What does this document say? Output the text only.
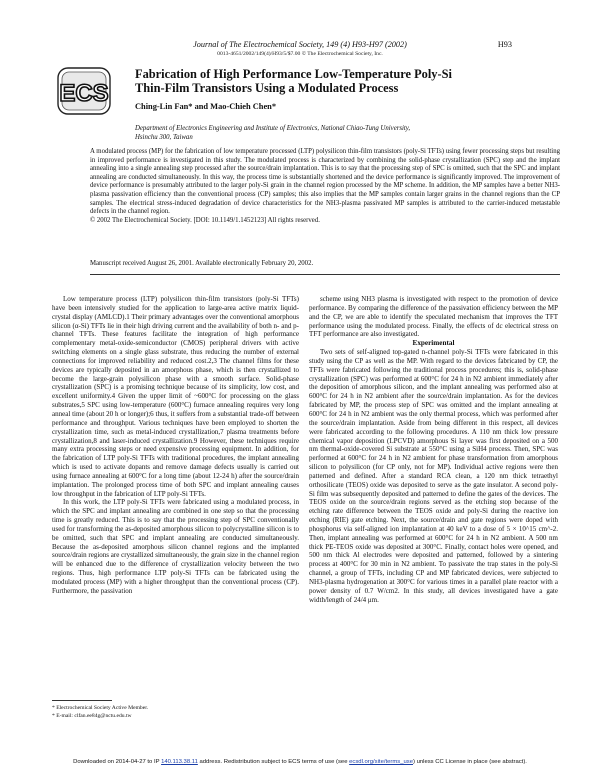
Journal of The Electrochemical Society, 149 (4) H93-H97 (2002)
0013-4651/2002/149(4)/H93/5/$7.00 © The Electrochemical Society, Inc.
H93
ECS
Fabrication of High Performance Low-Temperature Poly-Si
Thin-Film Transistors Using a Modulated Process
Ching-Lin Fan* and Mao-Chieh Chen*
Department of Electronics Engineering and Institute of Electronics, National Chiao-Tung University,
Hsinchu 300, Taiwan
A modulated process (MP) for the fabrication of low temperature processed (LTP) polysilicon thin-film transistors (poly-Si TFTs) using fewer processing steps but resulting in improved performance is investigated in this study. The modulated process is characterized by combining the solid-phase crystallization (SPC) step and the implant annealing into a single annealing step processed after the source/drain implantation. This is to say that the processing step of SPC is omitted, such that the SPC and implant annealing are conducted simultaneously. In this way, the process time is substantially shortened and the device performance is significantly improved. The improvement of device performance is presumably attributed to the larger poly-Si grain in the channel region processed by the MP scheme. In addition, the MP samples have a better NH3-plasma passivation efficiency than the conventional process (CP) samples; this also implies that the MP samples contain larger grains in the channel regions than the CP samples. The electrical stress-induced degradation of device characteristics for the NH3-plasma passivated MP samples is attributed to the carrier-induced metastable defects in the channel region.
© 2002 The Electrochemical Society. [DOI: 10.1149/1.1452123] All rights reserved.
Manuscript received August 26, 2001. Available electronically February 20, 2002.

Low temperature process (LTP) polysilicon thin-film transistors (poly-Si TFTs) have been intensively studied for the application to large-area active matrix liquid-crystal display (AMLCD).1 Their primary advantages over the conventional amorphous silicon (α-Si) TFTs lie in their high driving current and the availability of both n- and p-channel TFTs. These features facilitate the integration of high performance complementary metal-oxide-semiconductor (CMOS) peripheral drivers with active switching elements on a single glass substrate, thus reducing the number of external connections for improved reliability and reduced cost.2,3 The channel films for these devices are typically deposited in an amorphous phase, which is then crystallized to become the large-grain polysilicon phase with a smooth surface. Solid-phase crystallization (SPC) is a promising technique because of its simplicity, low cost, and excellent uniformity.4 Given the upper limit of ~600°C for processing on the glass substrates,5 SPC using low-temperature (600°C) furnace annealing requires very long anneal time (about 20 h or longer);6 thus, it suffers from a substantial trade-off between performance and throughput. Various techniques have been employed to shorten the crystallization time, such as metal-induced crystallization,7 plasma treatments before crystallization,8 and laser-induced crystallization.9 However, these techniques require many extra processing steps or need expensive processing equipment. In addition, for the fabrication of LTP poly-Si TFTs with traditional procedures, the implant annealing which is used to activate dopants and remove damage defects usually is carried out using furnace annealing at 600°C for a long time (about 12-24 h) after the source/drain implantation. The prolonged process time of both SPC and implant annealing causes low throughput in the fabrication of LTP poly-Si TFTs.

In this work, the LTP poly-Si TFTs were fabricated using a modulated process, in which the SPC and implant annealing are combined in one step so that the processing time is greatly reduced. This is to say that the processing step of SPC conventionally used for transforming the as-deposited amorphous silicon to polycrystalline silicon is to be omitted, such that SPC and implant annealing are conducted simultaneously. Because the as-deposited amorphous silicon channel regions and the implanted source/drain regions are crystallized simultaneously, the grain size in the channel region will be enhanced due to the difference of crystallization velocity between the two regions. Thus, high performance LTP poly-Si TFTs can be fabricated using the modulated process (MP) with a higher throughput than the conventional process (CP). Furthermore, the passivation

scheme using NH3 plasma is investigated with respect to the promotion of device performance. By comparing the difference of the passivation efficiency between the MP and the CP, we are able to identify the speculated mechanism that improves the TFT performance using the modulated process. Finally, the effects of dc electrical stress on TFT performance are also investigated.

Experimental

Two sets of self-aligned top-gated n-channel poly-Si TFTs were fabricated in this study using the CP as well as the MP. With regard to the devices fabricated by CP, the TFTs were fabricated following the traditional process procedures; this is, solid-phase crystallization (SPC) was performed at 600°C for 24 h in N2 ambient immediately after the deposition of amorphous silicon, and the implant annealing was performed also at 600°C for 24 h in N2 ambient after the source/drain implantation. As for the devices fabricated by MP, the process step of SPC was omitted and the implant annealing at 600°C for 24 h in N2 ambient was the only thermal process, which was performed after the source/drain implantation. Aside from being different in this respect, all devices were fabricated according to the following procedures. A 110 nm thick low pressure chemical vapor deposition (LPCVD) amorphous Si layer was first deposited on a 500 nm thermal-oxide-covered Si substrate at 550°C using a SiH4 process. Then, SPC was performed at 600°C for 24 h in N2 ambient for phase transformation from amorphous silicon to polysilicon (for CP only, not for MP). Individual active regions were then patterned and defined. After a standard RCA clean, a 120 nm thick tetraethyl orthosilicate (TEOS) oxide was deposited to serve as the gate insulator. A second poly-Si film was subsequently deposited and patterned to define the gates of the devices. The TEOS oxide on the source/drain regions served as the etching stop because of the etching rate difference between the TEOS oxide and poly-Si during the reactive ion etching (RIE) gate etching. Next, the source/drain and gate regions were doped with phosphorus via self-aligned ion implantation at 40 keV to a dose of 5 × 10^15 cm^-2. Then, implant annealing was performed at 600°C for 24 h in N2 ambient. A 500 nm thick PE-TEOS oxide was deposited at 300°C. Finally, contact holes were opened, and 500 nm thick Al electrodes were deposited and patterned, followed by a sintering process at 400°C for 30 min in N2 ambient. To passivate the trap states in the poly-Si channel, a group of TFTs, including CP and MP fabricated devices, were subjected to NH3-plasma hydrogenation at 300°C for various times in a parallel plate reactor with a power density of 0.7 W/cm2. In this study, all devices investigated have a gate width/length of 24/4 μm.

* Electrochemical Society Active Member.
* E-mail: clfan.ee84g@nctu.edu.tw
Downloaded on 2014-04-27 to IP 140.113.38.11 address. Redistribution subject to ECS terms of use (see ecsdl.org/site/terms_use) unless CC License in place (see abstract).
